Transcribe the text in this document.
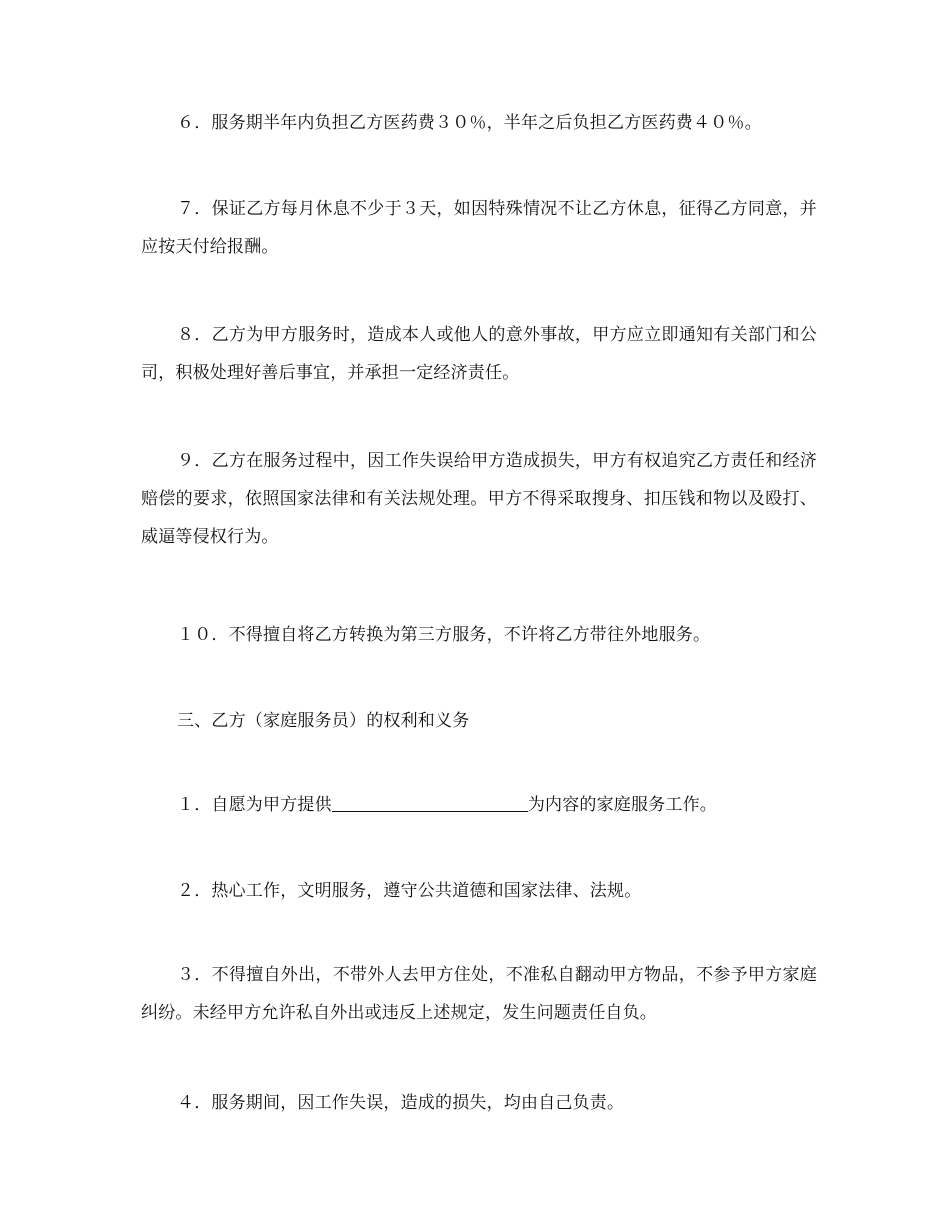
６．服务期半年内负担乙方医药费３０％，半年之后负担乙方医药费４０％。

７．保证乙方每月休息不少于３天，如因特殊情况不让乙方休息，征得乙方同意，并应按天付给报酬。

８．乙方为甲方服务时，造成本人或他人的意外事故，甲方应立即通知有关部门和公司，积极处理好善后事宜，并承担一定经济责任。

９．乙方在服务过程中，因工作失误给甲方造成损失，甲方有权追究乙方责任和经济赔偿的要求，依照国家法律和有关法规处理。甲方不得采取搜身、扣压钱和物以及殴打、威逼等侵权行为。

１０．不得擅自将乙方转换为第三方服务，不许将乙方带往外地服务。

三、乙方（家庭服务员）的权利和义务

１．自愿为甲方提供	为内容的家庭服务工作。

２．热心工作，文明服务，遵守公共道德和国家法律、法规。

３．不得擅自外出，不带外人去甲方住处，不准私自翻动甲方物品，不参予甲方家庭纠纷。未经甲方允许私自外出或违反上述规定，发生问题责任自负。

４．服务期间，因工作失误，造成的损失，均由自己负责。
